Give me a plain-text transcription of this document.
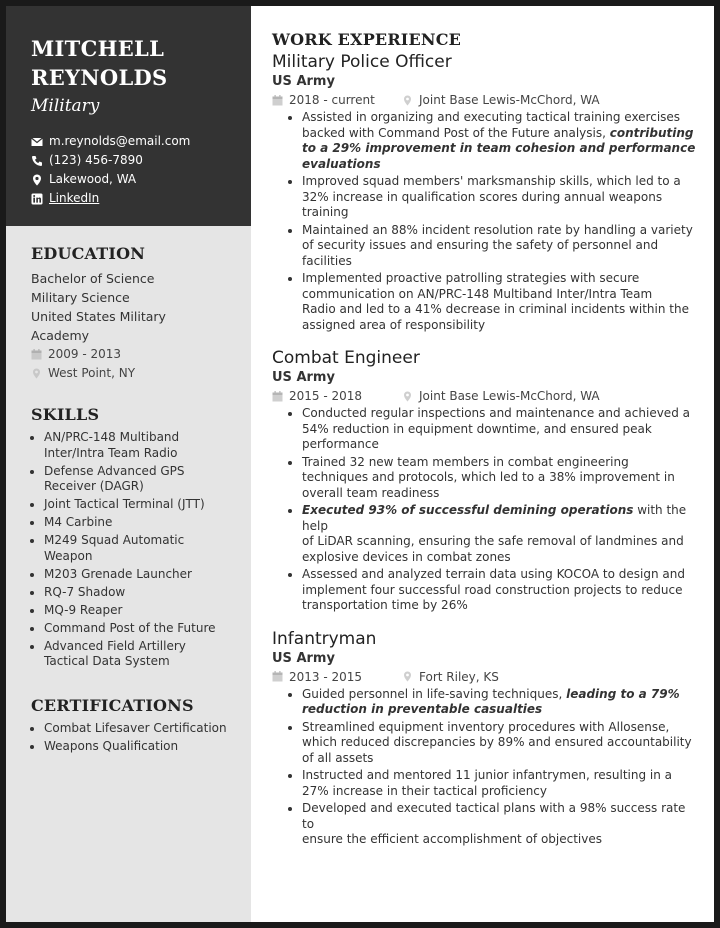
MITCHELL
REYNOLDS
Military
m.reynolds@email.com
(123) 456-7890
Lakewood, WA
LinkedIn
EDUCATION
Bachelor of Science
Military Science
United States Military
Academy
2009 - 2013
West Point, NY
SKILLS
• AN/PRC-148 Multiband
Inter/Intra Team Radio
• Defense Advanced GPS
Receiver (DAGR)
• Joint Tactical Terminal (JTT)
• M4 Carbine
• M249 Squad Automatic
Weapon
• M203 Grenade Launcher
• RQ-7 Shadow
• MQ-9 Reaper
• Command Post of the Future
• Advanced Field Artillery
Tactical Data System
CERTIFICATIONS
• Combat Lifesaver Certification
• Weapons Qualification
WORK EXPERIENCE
Military Police Officer
US Army
2018 - current	Joint Base Lewis-McChord, WA
• Assisted in organizing and executing tactical training exercises
backed with Command Post of the Future analysis, contributing
to a 29% improvement in team cohesion and performance
evaluations
• Improved squad members' marksmanship skills, which led to a
32% increase in qualification scores during annual weapons
training
• Maintained an 88% incident resolution rate by handling a variety
of security issues and ensuring the safety of personnel and
facilities
• Implemented proactive patrolling strategies with secure
communication on AN/PRC-148 Multiband Inter/Intra Team
Radio and led to a 41% decrease in criminal incidents within the
assigned area of responsibility
Combat Engineer
US Army
2015 - 2018	Joint Base Lewis-McChord, WA
• Conducted regular inspections and maintenance and achieved a
54% reduction in equipment downtime, and ensured peak
performance
• Trained 32 new team members in combat engineering
techniques and protocols, which led to a 38% improvement in
overall team readiness
• Executed 93% of successful demining operations with the help
of LiDAR scanning, ensuring the safe removal of landmines and
explosive devices in combat zones
• Assessed and analyzed terrain data using KOCOA to design and
implement four successful road construction projects to reduce
transportation time by 26%
Infantryman
US Army
2013 - 2015	Fort Riley, KS
• Guided personnel in life-saving techniques, leading to a 79%
reduction in preventable casualties
• Streamlined equipment inventory procedures with Allosense,
which reduced discrepancies by 89% and ensured accountability
of all assets
• Instructed and mentored 11 junior infantrymen, resulting in a
27% increase in their tactical proficiency
• Developed and executed tactical plans with a 98% success rate to
ensure the efficient accomplishment of objectives
